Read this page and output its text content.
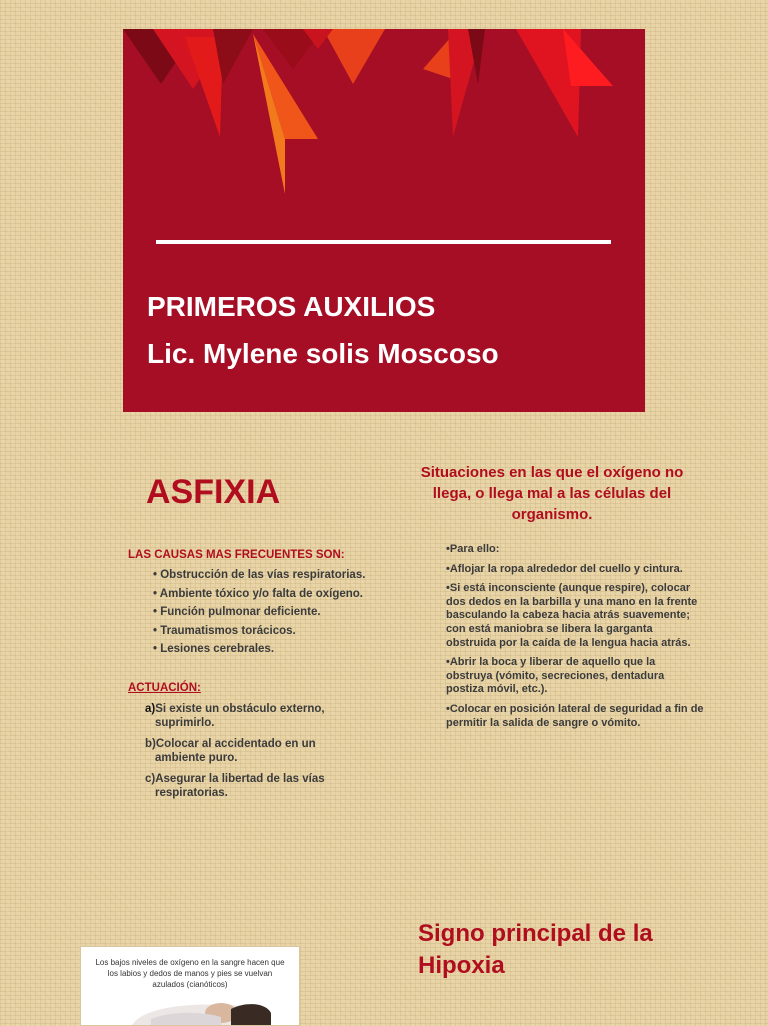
PRIMEROS AUXILIOS
Lic. Mylene solis Moscoso
ASFIXIA
LAS CAUSAS MAS FRECUENTES SON:
• Obstrucción de las vías respiratorias.
• Ambiente tóxico y/o falta de oxígeno.
• Función pulmonar deficiente.
• Traumatismos torácicos.
• Lesiones cerebrales.
ACTUACIÓN:
a)Si existe un obstáculo externo, suprimirlo.
b)Colocar al accidentado en un ambiente puro.
c)Asegurar la libertad de las vías respiratorias.
Situaciones en las que el oxígeno no llega, o llega mal a las células del organismo.
• Para ello:
• Aflojar la ropa alrededor del cuello y cintura.
• Si está inconsciente (aunque respire), colocar dos dedos en la barbilla y una mano en la frente basculando la cabeza hacia atrás suavemente; con está maniobra se libera la garganta obstruida por la caída de la lengua hacia atrás.
• Abrir la boca y liberar de aquello que la obstruya (vómito, secreciones, dentadura postiza móvil, etc.).
• Colocar en posición lateral de seguridad a fin de permitir la salida de sangre o vómito.
Signo principal de la Hipoxia
Los bajos niveles de oxígeno en la sangre hacen que los labios y dedos de manos y pies se vuelvan azulados (cianóticos)
